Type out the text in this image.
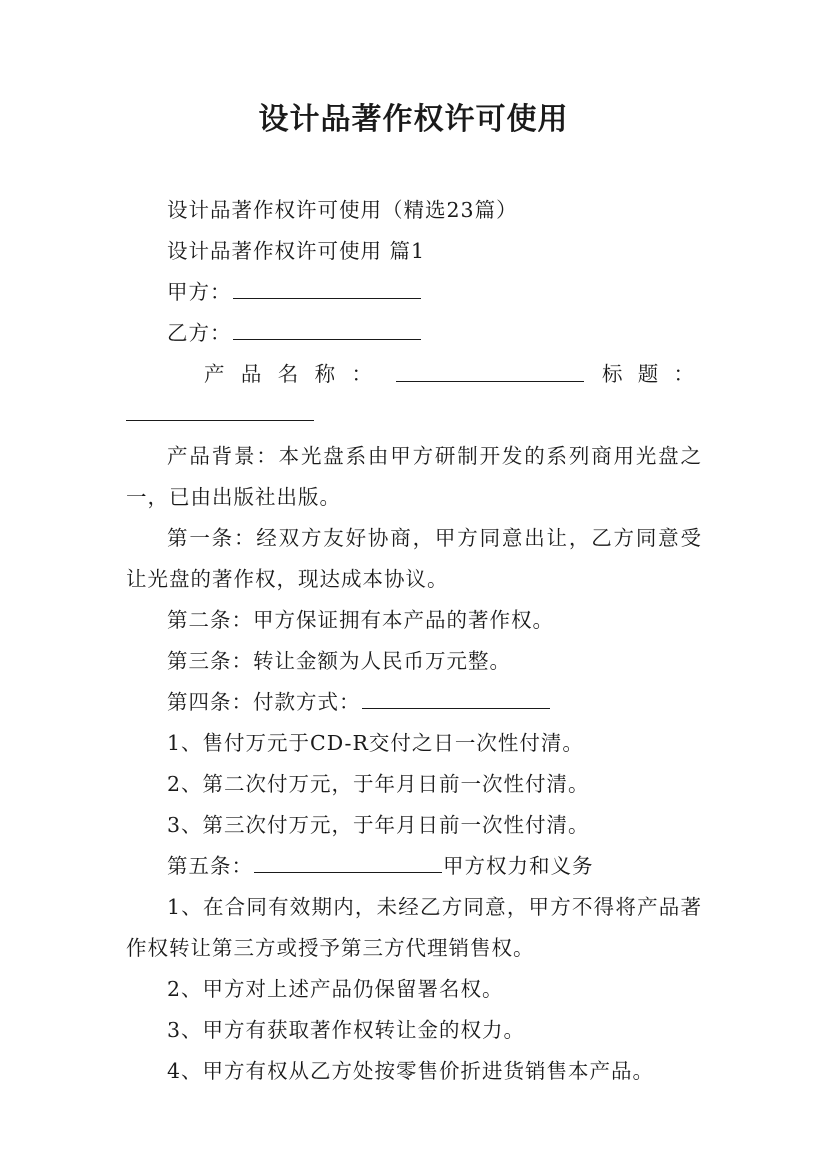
设计品著作权许可使用

设计品著作权许可使用（精选23篇）

设计品著作权许可使用 篇1

甲方：

乙方：

产 品 名 称 ：	标 题 ：

产品背景：本光盘系由甲方研制开发的系列商用光盘之一，已由出版社出版。

第一条：经双方友好协商，甲方同意出让，乙方同意受让光盘的著作权，现达成本协议。

第二条：甲方保证拥有本产品的著作权。

第三条：转让金额为人民币万元整。

第四条：付款方式：

1、售付万元于CD-R交付之日一次性付清。

2、第二次付万元，于年月日前一次性付清。

3、第三次付万元，于年月日前一次性付清。

第五条：	甲方权力和义务

1、在合同有效期内，未经乙方同意，甲方不得将产品著作权转让第三方或授予第三方代理销售权。

2、甲方对上述产品仍保留署名权。

3、甲方有获取著作权转让金的权力。

4、甲方有权从乙方处按零售价折进货销售本产品。
